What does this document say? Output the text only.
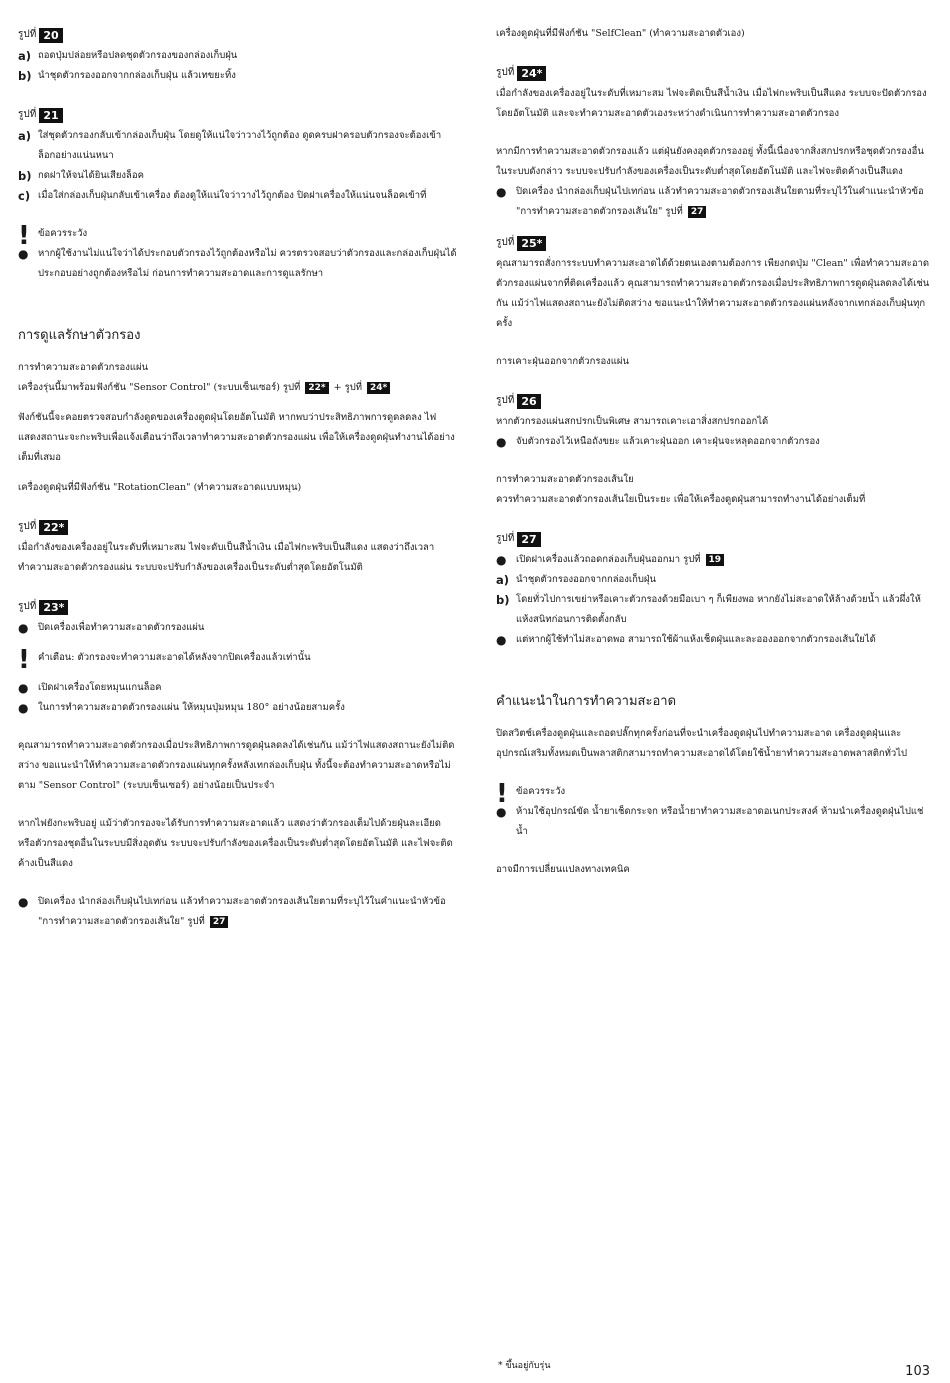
รูปที่ 20
a) ถอดปุ่มปล่อยหรือปลดชุดตัวกรองของกล่องเก็บฝุ่น
b) นำชุดตัวกรองออกจากกล่องเก็บฝุ่น แล้วเทขยะทิ้ง
รูปที่ 21
a) ใส่ชุดตัวกรองกลับเข้ากล่องเก็บฝุ่น โดยดูให้แน่ใจว่าวางไว้ถูกต้อง ดูดครบฝาครอบตัวกรองจะต้องเข้าล็อกอย่างแน่นหนา
b) กดฝาให้จนได้ยินเสียงล็อค
c) เมื่อใส่กล่องเก็บฝุ่นกลับเข้าเครื่อง ต้องดูให้แน่ใจว่าวางไว้ถูกต้อง ปิดฝาเครื่องให้แน่นจนล็อคเข้าที่
! ข้อควรระวัง

●	หากผู้ใช้งานไม่แน่ใจว่าได้ประกอบตัวกรองไว้ถูกต้องหรือไม่ ควรตรวจสอบว่าตัวกรองและกล่องเก็บฝุ่นได้ประกอบอย่างถูกต้องหรือไม่ ก่อนการทำความสะอาดและการดูแลรักษา

การดูแลรักษาตัวกรอง

การทำความสะอาดตัวกรองแผ่น

เครื่องรุ่นนี้มาพร้อมฟังก์ชัน "Sensor Control" (ระบบเซ็นเซอร์) รูปที่ 22* + รูปที่ 24*

ฟังก์ชันนี้จะคอยตรวจสอบกำลังดูดของเครื่องดูดฝุ่นโดยอัตโนมัติ หากพบว่าประสิทธิภาพการดูดลดลง ไฟแสดงสถานะจะกะพริบเพื่อแจ้งเตือนว่าถึงเวลาทำความสะอาดตัวกรองแผ่น เพื่อให้เครื่องดูดฝุ่นทำงานได้อย่างเต็มที่เสมอ

เครื่องดูดฝุ่นที่มีฟังก์ชัน "RotationClean" (ทำความสะอาดแบบหมุน)

รูปที่ 22*

เมื่อกำลังของเครื่องอยู่ในระดับที่เหมาะสม ไฟจะดับเป็นสีน้ำเงิน เมื่อไฟกะพริบเป็นสีแดง แสดงว่าถึงเวลาทำความสะอาดตัวกรองแผ่น ระบบจะปรับกำลังของเครื่องเป็นระดับต่ำสุดโดยอัตโนมัติ

รูปที่ 23*
●	ปิดเครื่องเพื่อทำความสะอาดตัวกรองแผ่น
! คำเตือน: ตัวกรองจะทำความสะอาดได้หลังจากปิดเครื่องแล้วเท่านั้น

●	เปิดฝาเครื่องโดยหมุนแกนล็อค
●	ในการทำความสะอาดตัวกรองแผ่น ให้หมุนปุ่มหมุน 180° อย่างน้อยสามครั้ง

คุณสามารถทำความสะอาดตัวกรองเมื่อประสิทธิภาพการดูดฝุ่นลดลงได้เช่นกัน แม้ว่าไฟแสดงสถานะยังไม่ติดสว่าง ขอแนะนำให้ทำความสะอาดตัวกรองแผ่นทุกครั้งหลังเทกล่องเก็บฝุ่น ทั้งนี้จะต้องทำความสะอาดหรือไม่ตาม "Sensor Control" (ระบบเซ็นเซอร์) อย่างน้อยเป็นประจำ

หากไฟยังกะพริบอยู่ แม้ว่าตัวกรองจะได้รับการทำความสะอาดแล้ว แสดงว่าตัวกรองเต็มไปด้วยฝุ่นละเอียด หรือตัวกรองชุดอื่นในระบบมีสิ่งอุดตัน ระบบจะปรับกำลังของเครื่องเป็นระดับต่ำสุดโดยอัตโนมัติ และไฟจะติดค้างเป็นสีแดง

●	ปิดเครื่อง นำกล่องเก็บฝุ่นไปเทก่อน แล้วทำความสะอาดตัวกรองเส้นใยตามที่ระบุไว้ในคำแนะนำหัวข้อ "การทำความสะอาดตัวกรองเส้นใย" รูปที่ 27

เครื่องดูดฝุ่นที่มีฟังก์ชัน "SelfClean" (ทำความสะอาดตัวเอง)

รูปที่ 24*

เมื่อกำลังของเครื่องอยู่ในระดับที่เหมาะสม ไฟจะติดเป็นสีน้ำเงิน เมื่อไฟกะพริบเป็นสีแดง ระบบจะปัดตัวกรองโดยอัตโนมัติ และจะทำความสะอาดตัวเองระหว่างดำเนินการทำความสะอาดตัวกรอง

หากมีการทำความสะอาดตัวกรองแล้ว แต่ฝุ่นยังคงอุดตัวกรองอยู่ ทั้งนี้เนื่องจากสิ่งสกปรกหรือชุดตัวกรองอื่นในระบบดังกล่าว ระบบจะปรับกำลังของเครื่องเป็นระดับต่ำสุดโดยอัตโนมัติ และไฟจะติดค้างเป็นสีแดง

●	ปิดเครื่อง นำกล่องเก็บฝุ่นไปเทก่อน แล้วทำความสะอาดตัวกรองเส้นใยตามที่ระบุไว้ในคำแนะนำหัวข้อ "การทำความสะอาดตัวกรองเส้นใย" รูปที่ 27
รูปที่ 25*

คุณสามารถสั่งการระบบทำความสะอาดได้ด้วยตนเองตามต้องการ เพียงกดปุ่ม "Clean" เพื่อทำความสะอาดตัวกรองแผ่นจากที่ติดเครื่องแล้ว คุณสามารถทำความสะอาดตัวกรองเมื่อประสิทธิภาพการดูดฝุ่นลดลงได้เช่นกัน แม้ว่าไฟแสดงสถานะยังไม่ติดสว่าง ขอแนะนำให้ทำความสะอาดตัวกรองแผ่นหลังจากเทกล่องเก็บฝุ่นทุกครั้ง

การเคาะฝุ่นออกจากตัวกรองแผ่น

รูปที่ 26

หากตัวกรองแผ่นสกปรกเป็นพิเศษ สามารถเคาะเอาสิ่งสกปรกออกได้

●	จับตัวกรองไว้เหนือถังขยะ แล้วเคาะฝุ่นออก เคาะฝุ่นจะหลุดออกจากตัวกรอง

การทำความสะอาดตัวกรองเส้นใย

ควรทำความสะอาดตัวกรองเส้นใยเป็นระยะ เพื่อให้เครื่องดูดฝุ่นสามารถทำงานได้อย่างเต็มที่

รูปที่ 27
●	เปิดฝาเครื่องแล้วถอดกล่องเก็บฝุ่นออกมา รูปที่ 19
a) นำชุดตัวกรองออกจากกล่องเก็บฝุ่น
b) โดยทั่วไปการเขย่าหรือเคาะตัวกรองด้วยมือเบา ๆ ก็เพียงพอ หากยังไม่สะอาดให้ล้างด้วยน้ำ แล้วผึ่งให้แห้งสนิทก่อนการติดตั้งกลับ
●	แต่หากผู้ใช้ทำไม่สะอาดพอ สามารถใช้ผ้าแห้งเช็ดฝุ่นและละอองออกจากตัวกรองเส้นใยได้

คำแนะนำในการทำความสะอาด

ปิดสวิตช์เครื่องดูดฝุ่นและถอดปลั๊กทุกครั้งก่อนที่จะนำเครื่องดูดฝุ่นไปทำความสะอาด เครื่องดูดฝุ่นและอุปกรณ์เสริมทั้งหมดเป็นพลาสติกสามารถทำความสะอาดได้โดยใช้น้ำยาทำความสะอาดพลาสติกทั่วไป

! ข้อควรระวัง

●	ห้ามใช้อุปกรณ์ขัด น้ำยาเช็ดกระจก หรือน้ำยาทำความสะอาดอเนกประสงค์ ห้ามนำเครื่องดูดฝุ่นไปแช่น้ำ

อาจมีการเปลี่ยนแปลงทางเทคนิค

* ขึ้นอยู่กับรุ่น	103
